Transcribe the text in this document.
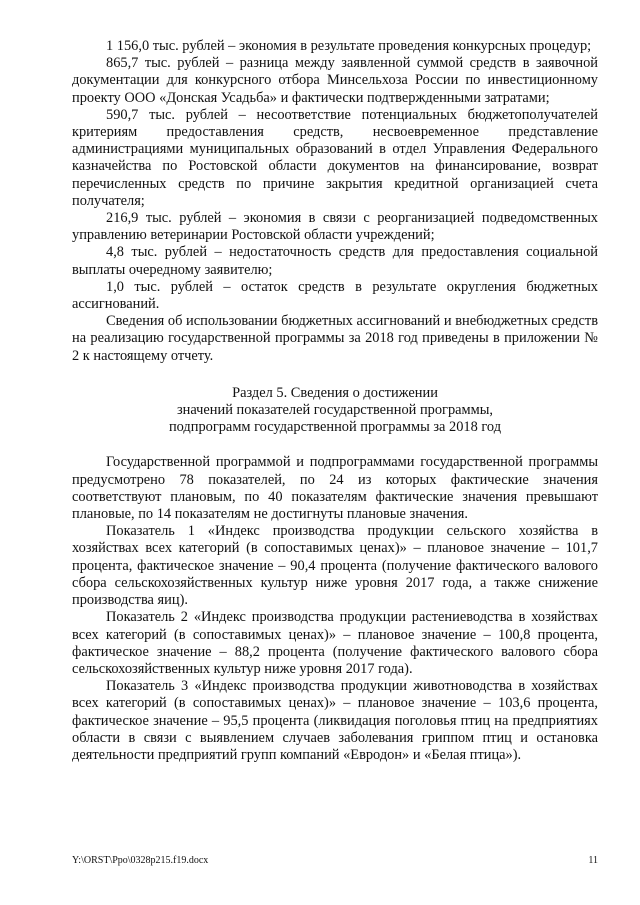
1 156,0 тыс. рублей – экономия в результате проведения конкурсных процедур;

865,7 тыс. рублей – разница между заявленной суммой средств в заявочной документации для конкурсного отбора Минсельхоза России по инвестиционному проекту ООО «Донская Усадьба» и фактически подтвержденными затратами;

590,7 тыс. рублей – несоответствие потенциальных бюджетополучателей критериям предоставления средств, несвоевременное представление администрациями муниципальных образований в отдел Управления Федерального казначейства по Ростовской области документов на финансирование, возврат перечисленных средств по причине закрытия кредитной организацией счета получателя;

216,9 тыс. рублей – экономия в связи с реорганизацией подведомственных управлению ветеринарии Ростовской области учреждений;

4,8 тыс. рублей – недостаточность средств для предоставления социальной выплаты очередному заявителю;

1,0 тыс. рублей – остаток средств в результате округления бюджетных ассигнований.

Сведения об использовании бюджетных ассигнований и внебюджетных средств на реализацию государственной программы за 2018 год приведены в приложении № 2 к настоящему отчету.

Раздел 5. Сведения о достижении

значений показателей государственной программы,

подпрограмм государственной программы за 2018 год

Государственной программой и подпрограммами государственной программы предусмотрено 78 показателей, по 24 из которых фактические значения соответствуют плановым, по 40 показателям фактические значения превышают плановые, по 14 показателям не достигнуты плановые значения.

Показатель 1 «Индекс производства продукции сельского хозяйства в хозяйствах всех категорий (в сопоставимых ценах)» – плановое значение – 101,7 процента, фактическое значение – 90,4 процента (получение фактического валового сбора сельскохозяйственных культур ниже уровня 2017 года, а также снижение производства яиц).

Показатель 2 «Индекс производства продукции растениеводства в хозяйствах всех категорий (в сопоставимых ценах)» – плановое значение – 100,8 процента, фактическое значение – 88,2 процента (получение фактического валового сбора сельскохозяйственных культур ниже уровня 2017 года).

Показатель 3 «Индекс производства продукции животноводства в хозяйствах всех категорий (в сопоставимых ценах)» – плановое значение – 103,6 процента, фактическое значение – 95,5 процента (ликвидация поголовья птиц на предприятиях области в связи с выявлением случаев заболевания гриппом птиц и остановка деятельности предприятий групп компаний «Евродон» и «Белая птица»).

Y:\ORST\Ppo\0328p215.f19.docx	11
